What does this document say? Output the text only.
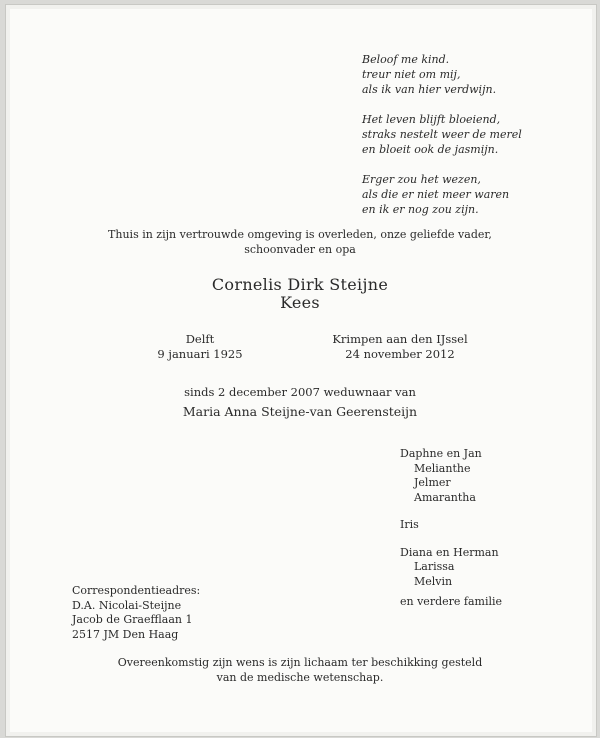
Beloof me kind.
treur niet om mij,
als ik van hier verdwijn.
Het leven blijft bloeiend,
straks nestelt weer de merel
en bloeit ook de jasmijn.
Erger zou het wezen,
als die er niet meer waren
en ik er nog zou zijn.
Thuis in zijn vertrouwde omgeving is overleden, onze geliefde vader,
schoonvader en opa
Cornelis Dirk Steijne
Kees
Delft
9 januari 1925
Krimpen aan den IJssel
24 november 2012
sinds 2 december 2007 weduwnaar van
Maria Anna Steijne-van Geerensteijn
Daphne en Jan
Melianthe
Jelmer
Amarantha
Iris
Diana en Herman
Larissa
Melvin
en verdere familie
Correspondentieadres:
D.A. Nicolai-Steijne
Jacob de Graefflaan 1
2517 JM Den Haag
Overeenkomstig zijn wens is zijn lichaam ter beschikking gesteld
van de medische wetenschap.
